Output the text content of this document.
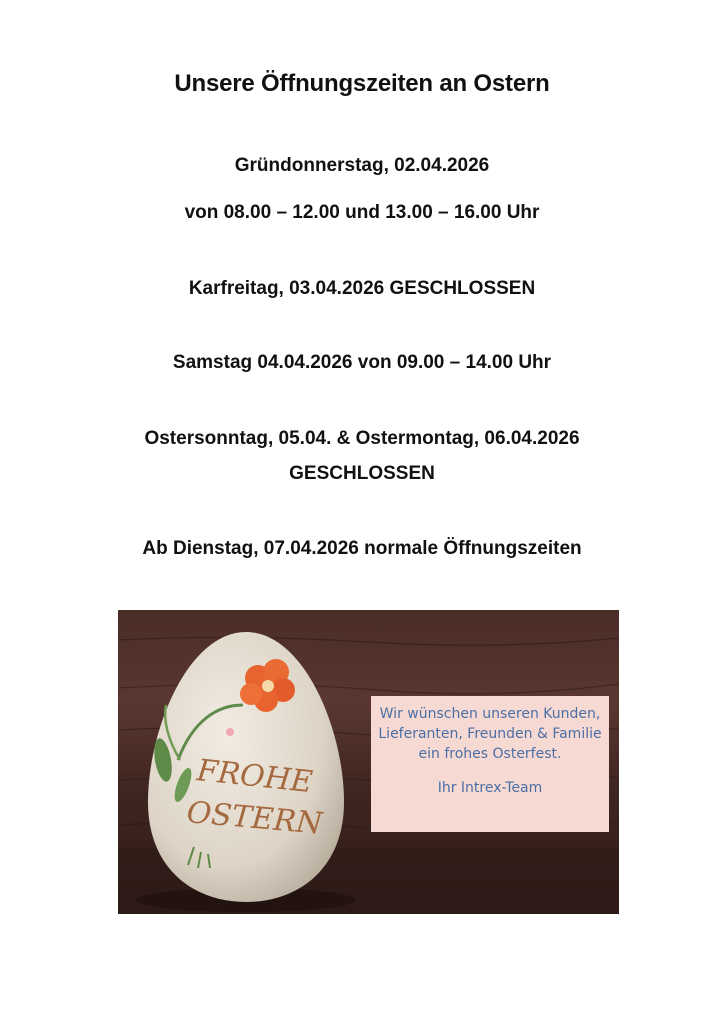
Unsere Öffnungszeiten an Ostern
Gründonnerstag, 02.04.2026
von 08.00 – 12.00 und 13.00 – 16.00 Uhr
Karfreitag, 03.04.2026 GESCHLOSSEN
Samstag 04.04.2026 von 09.00 – 14.00 Uhr
Ostersonntag, 05.04. & Ostermontag, 06.04.2026
GESCHLOSSEN
Ab Dienstag, 07.04.2026 normale Öffnungszeiten
FROHE
OSTERN
Wir wünschen unseren Kunden, Lieferanten, Freunden & Familie ein frohes Osterfest.
Ihr Intrex-Team
